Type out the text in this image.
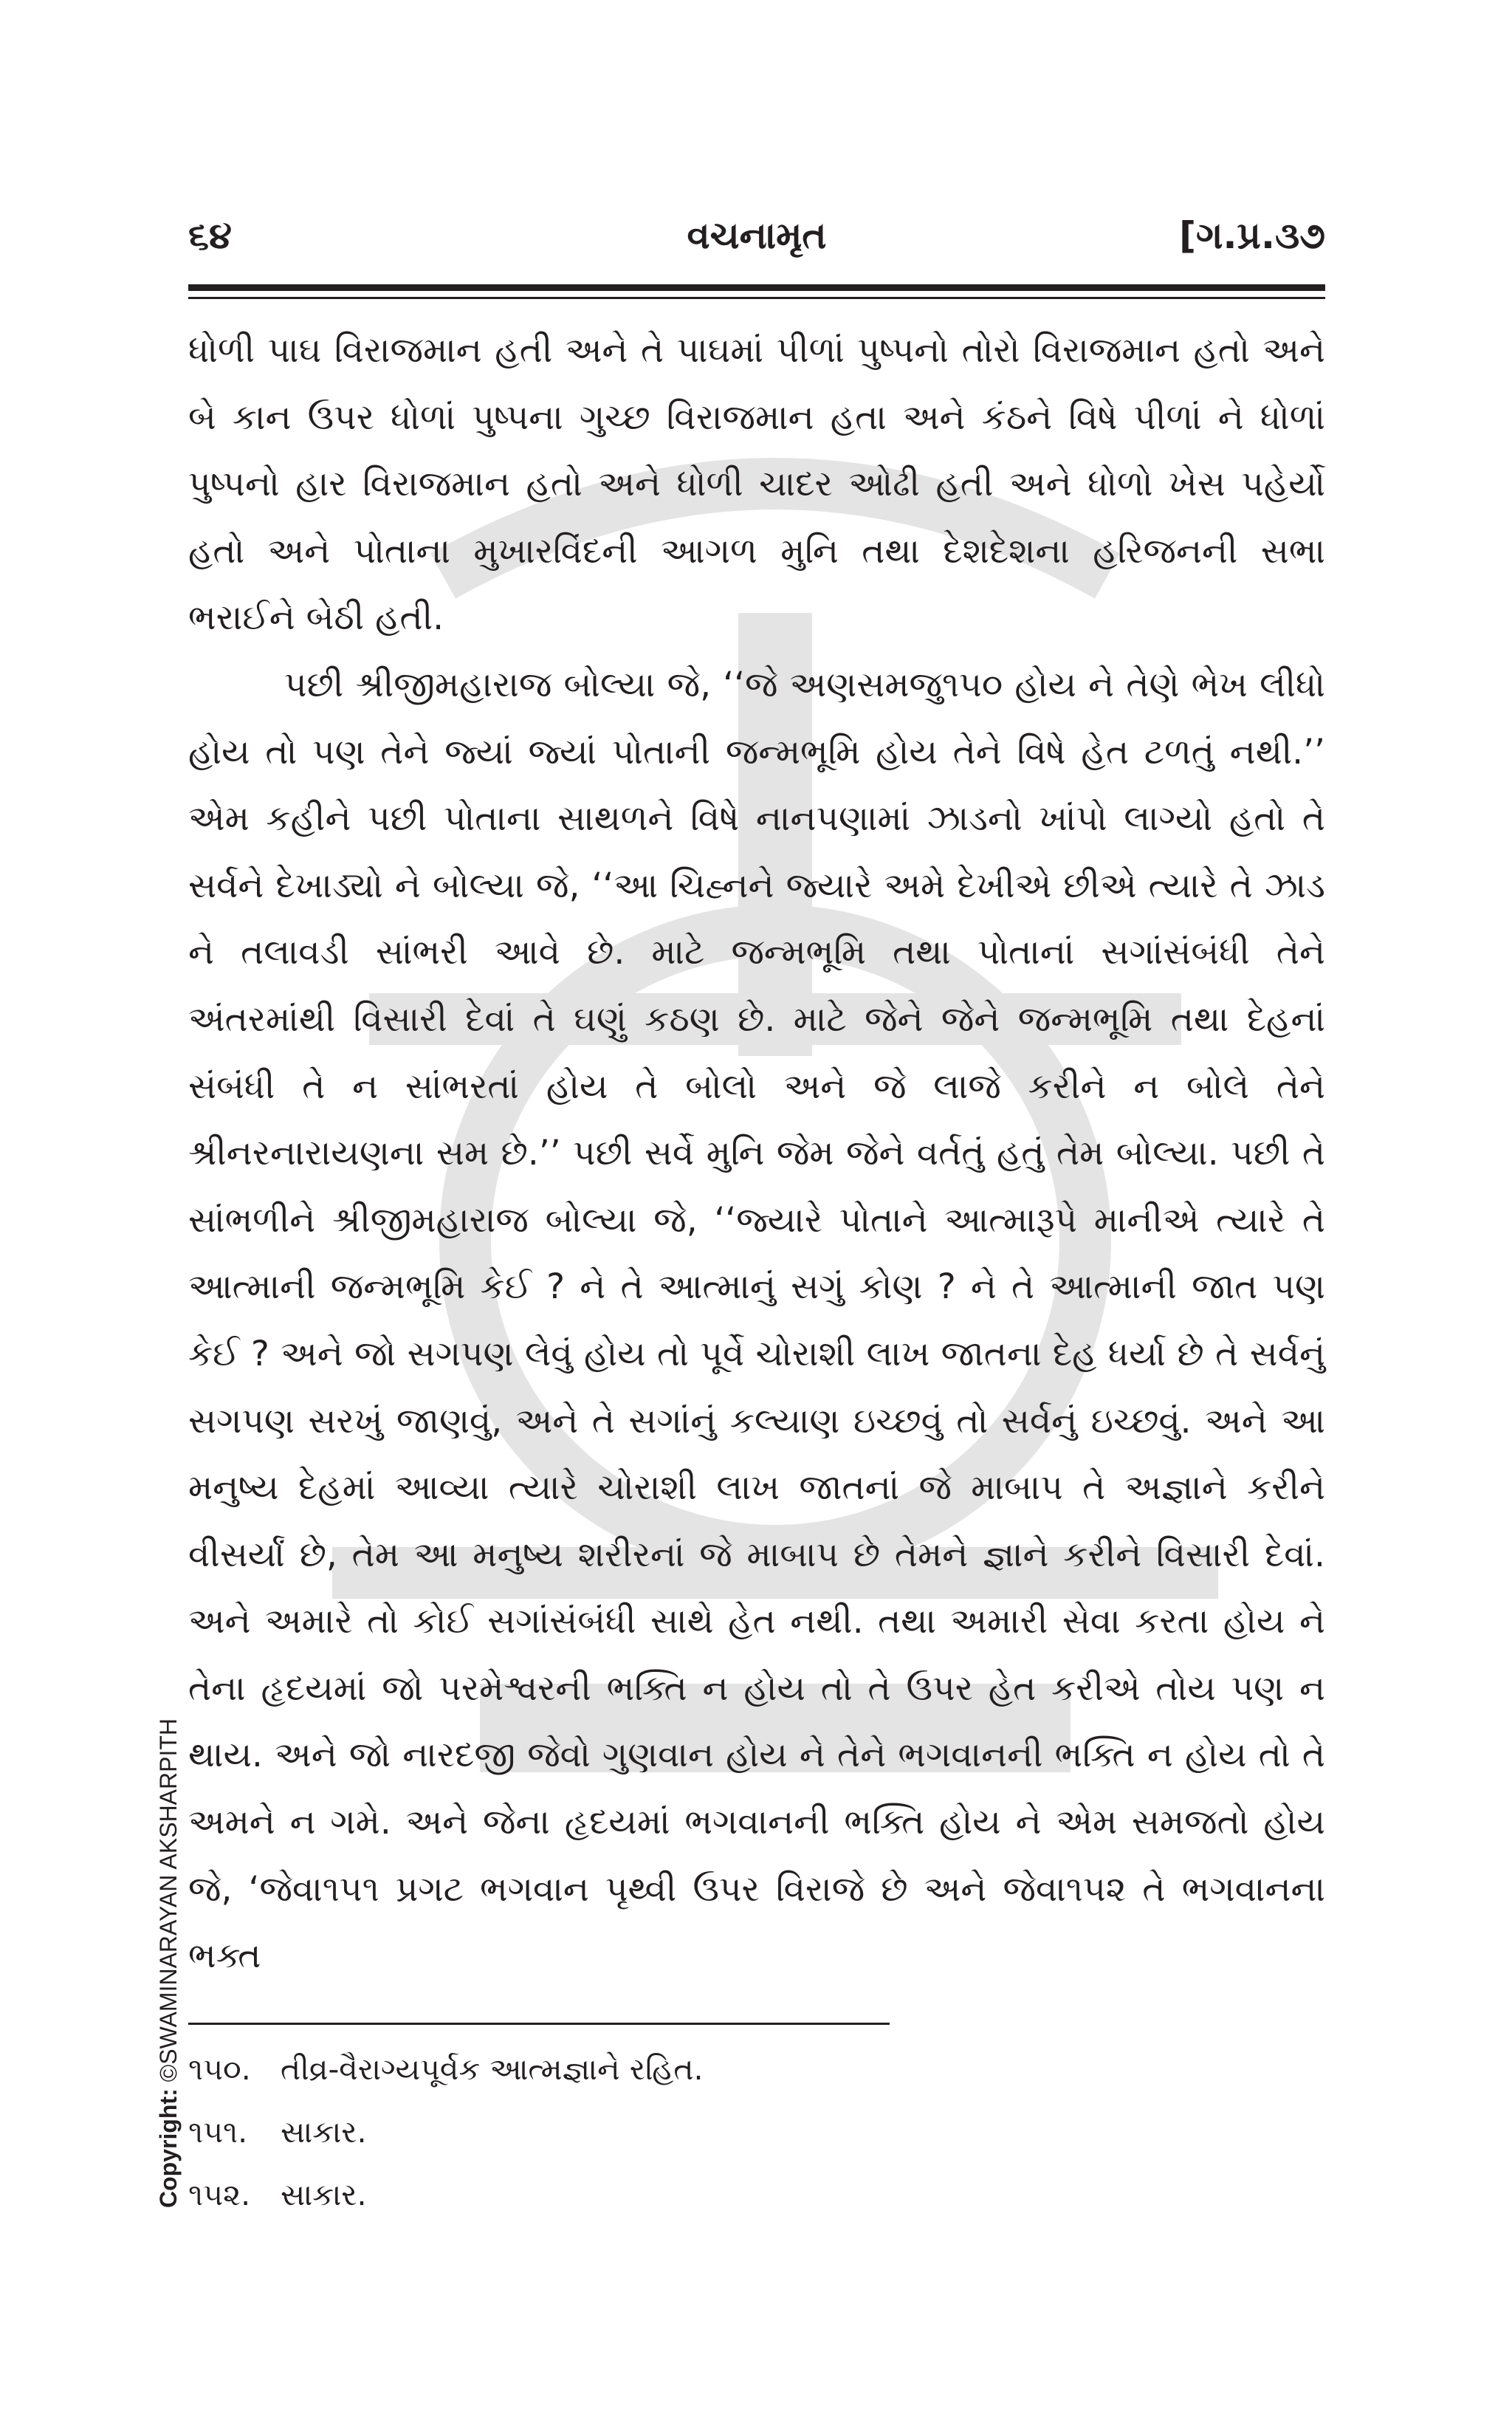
૬૪	વચનામૃત	[ગ.પ્ર.૩૭

ધોળી પાઘ વિરાજમાન હતી અને તે પાઘમાં પીળાં પુષ્પનો તોરો વિરાજમાન હતો અને બે કાન ઉપર ધોળાં પુષ્પના ગુચ્છ વિરાજમાન હતા અને કંઠને વિષે પીળાં ને ધોળાં પુષ્પનો હાર વિરાજમાન હતો અને ધોળી ચાદર ઓઢી હતી અને ધોળો ખેસ પહેર્યો હતો અને પોતાના મુખારવિંદની આગળ મુનિ તથા દેશદેશના હરિજનની સભા ભરાઈને બેઠી હતી.

પછી શ્રીજીમહારાજ બોલ્યા જે, ‘‘જે અણસમજુ૧૫૦ હોય ને તેણે ભેખ લીધો હોય તો પણ તેને જ્યાં જ્યાં પોતાની જન્મભૂમિ હોય તેને વિષે હેત ટળતું નથી.’’ એમ કહીને પછી પોતાના સાથળને વિષે નાનપણામાં ઝાડનો ખાંપો લાગ્યો હતો તે સર્વને દેખાડ્યો ને બોલ્યા જે, ‘‘આ ચિહ્નને જ્યારે અમે દેખીએ છીએ ત્યારે તે ઝાડ ને તલાવડી સાંભરી આવે છે. માટે જન્મભૂમિ તથા પોતાનાં સગાંસંબંધી તેને અંતરમાંથી વિસારી દેવાં તે ઘણું કઠણ છે. માટે જેને જેને જન્મભૂમિ તથા દેહનાં સંબંધી તે ન સાંભરતાં હોય તે બોલો અને જે લાજે કરીને ન બોલે તેને શ્રીનરનારાયણના સમ છે.’’ પછી સર્વે મુનિ જેમ જેને વર્તતું હતું તેમ બોલ્યા. પછી તે સાંભળીને શ્રીજીમહારાજ બોલ્યા જે, ‘‘જ્યારે પોતાને આત્મારૂપે માનીએ ત્યારે તે આત્માની જન્મભૂમિ કેઈ ? ને તે આત્માનું સગું કોણ ? ને તે આત્માની જાત પણ કેઈ ? અને જો સગપણ લેવું હોય તો પૂર્વે ચોરાશી લાખ જાતના દેહ ધર્યા છે તે સર્વનું સગપણ સરખું જાણવું, અને તે સગાંનું કલ્યાણ ઇચ્છવું તો સર્વનું ઇચ્છવું. અને આ મનુષ્ય દેહમાં આવ્યા ત્યારે ચોરાશી લાખ જાતનાં જે માબાપ તે અજ્ઞાને કરીને વીસર્યાં છે, તેમ આ મનુષ્ય શરીરનાં જે માબાપ છે તેમને જ્ઞાને કરીને વિસારી દેવાં. અને અમારે તો કોઈ સગાંસંબંધી સાથે હેત નથી. તથા અમારી સેવા કરતા હોય ને તેના હૃદયમાં જો પરમેશ્વરની ભક્તિ ન હોય તો તે ઉપર હેત કરીએ તોય પણ ન થાય. અને જો નારદજી જેવો ગુણવાન હોય ને તેને ભગવાનની ભક્તિ ન હોય તો તે અમને ન ગમે. અને જેના હૃદયમાં ભગવાનની ભક્તિ હોય ને એમ સમજતો હોય જે, ‘જેવા૧૫૧ પ્રગટ ભગવાન પૃથ્વી ઉપર વિરાજે છે અને જેવા૧૫૨ તે ભગવાનના ભક્ત

૧૫૦. તીવ્ર-વૈરાગ્યપૂર્વક આત્મજ્ઞાને રહિત.
૧૫૧. સાકાર.
૧૫૨. સાકાર.
Copyright: ©SWAMINARAYAN AKSHARPITH
